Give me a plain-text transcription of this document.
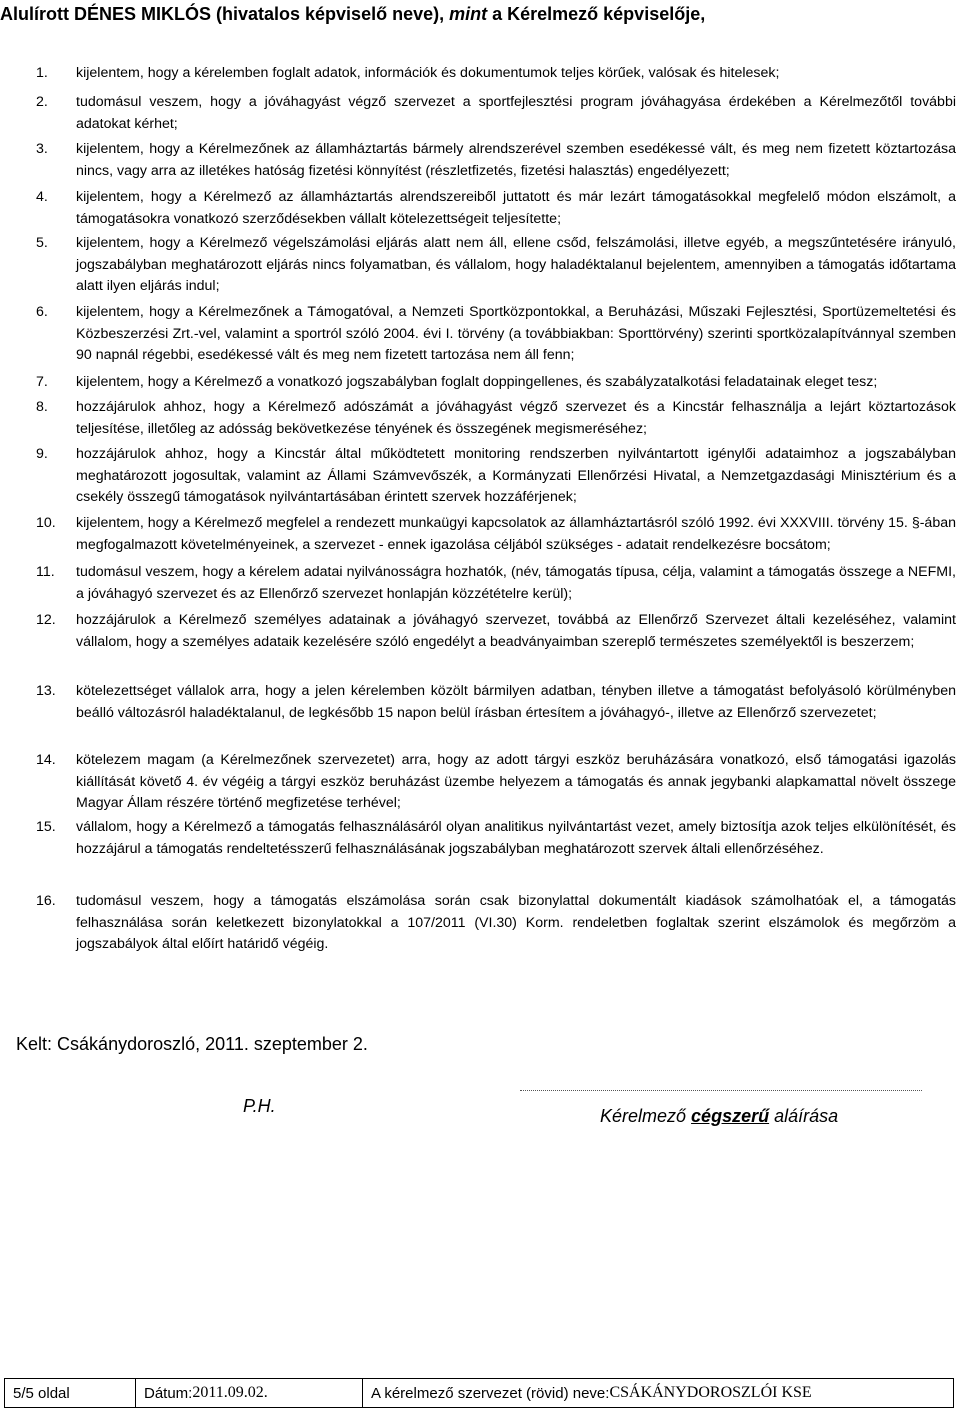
Alulírott DÉNES MIKLÓS (hivatalos képviselő neve), mint a Kérelmező képviselője,
1. kijelentem, hogy a kérelemben foglalt adatok, információk és dokumentumok teljes körűek, valósak és hitelesek;
2. tudomásul veszem, hogy a jóváhagyást végző szervezet a sportfejlesztési program jóváhagyása érdekében a Kérelmezőtől további adatokat kérhet;
3. kijelentem, hogy a Kérelmezőnek az államháztartás bármely alrendszerével szemben esedékessé vált, és meg nem fizetett köztartozása nincs, vagy arra az illetékes hatóság fizetési könnyítést (részletfizetés, fizetési halasztás) engedélyezett;
4. kijelentem, hogy a Kérelmező az államháztartás alrendszereiből juttatott és már lezárt támogatásokkal megfelelő módon elszámolt, a támogatásokra vonatkozó szerződésekben vállalt kötelezettségeit teljesítette;
5. kijelentem, hogy a Kérelmező végelszámolási eljárás alatt nem áll, ellene csőd, felszámolási, illetve egyéb, a megszűntetésére irányuló, jogszabályban meghatározott eljárás nincs folyamatban, és vállalom, hogy haladéktalanul bejelentem, amennyiben a támogatás időtartama alatt ilyen eljárás indul;
6. kijelentem, hogy a Kérelmezőnek a Támogatóval, a Nemzeti Sportközpontokkal, a Beruházási, Műszaki Fejlesztési, Sportüzemeltetési és Közbeszerzési Zrt.-vel, valamint a sportról szóló 2004. évi I. törvény (a továbbiakban: Sporttörvény) szerinti sportközalapítvánnyal szemben 90 napnál régebbi, esedékessé vált és meg nem fizetett tartozása nem áll fenn;
7. kijelentem, hogy a Kérelmező a vonatkozó jogszabályban foglalt doppingellenes, és szabályzatalkotási feladatainak eleget tesz;
8. hozzájárulok ahhoz, hogy a Kérelmező adószámát a jóváhagyást végző szervezet és a Kincstár felhasználja a lejárt köztartozások teljesítése, illetőleg az adósság bekövetkezése tényének és összegének megismeréséhez;
9. hozzájárulok ahhoz, hogy a Kincstár által működtetett monitoring rendszerben nyilvántartott igénylői adataimhoz a jogszabályban meghatározott jogosultak, valamint az Állami Számvevőszék, a Kormányzati Ellenőrzési Hivatal, a Nemzetgazdasági Minisztérium és a csekély összegű támogatások nyilvántartásában érintett szervek hozzáférjenek;
10. kijelentem, hogy a Kérelmező megfelel a rendezett munkaügyi kapcsolatok az államháztartásról szóló 1992. évi XXXVIII. törvény 15. §-ában megfogalmazott követelményeinek, a szervezet - ennek igazolása céljából szükséges - adatait rendelkezésre bocsátom;
11. tudomásul veszem, hogy a kérelem adatai nyilvánosságra hozhatók, (név, támogatás típusa, célja, valamint a támogatás összege a NEFMI, a jóváhagyó szervezet és az Ellenőrző szervezet honlapján közzétételre kerül);
12. hozzájárulok a Kérelmező személyes adatainak a jóváhagyó szervezet, továbbá az Ellenőrző Szervezet általi kezeléséhez, valamint vállalom, hogy a személyes adataik kezelésére szóló engedélyt a beadványaimban szereplő természetes személyektől is beszerzem;
13. kötelezettséget vállalok arra, hogy a jelen kérelemben közölt bármilyen adatban, tényben illetve a támogatást befolyásoló körülményben beálló változásról haladéktalanul, de legkésőbb 15 napon belül írásban értesítem a jóváhagyó-, illetve az Ellenőrző szervezetet;
14. kötelezem magam (a Kérelmezőnek szervezetet) arra, hogy az adott tárgyi eszköz beruházására vonatkozó, első támogatási igazolás kiállítását követő 4. év végéig a tárgyi eszköz beruházást üzembe helyezem a támogatás és annak jegybanki alapkamattal növelt összege Magyar Állam részére történő megfizetése terhével;
15. vállalom, hogy a Kérelmező a támogatás felhasználásáról olyan analitikus nyilvántartást vezet, amely biztosítja azok teljes elkülönítését, és hozzájárul a támogatás rendeltetésszerű felhasználásának jogszabályban meghatározott szervek általi ellenőrzéséhez.
16. tudomásul veszem, hogy a támogatás elszámolása során csak bizonylattal dokumentált kiadások számolhatóak el, a támogatás felhasználása során keletkezett bizonylatokkal a 107/2011 (VI.30) Korm. rendeletben foglaltak szerint elszámolok és megőrzöm a jogszabályok által előírt határidő végéig.
Kelt: Csákánydoroszló, 2011. szeptember 2.
P.H.	Kérelmező cégszerű aláírása
5/5 oldal	Dátum: 2011.09.02.	A kérelmező szervezet (rövid) neve: CSÁKÁNYDOROSZLÓI KSE
